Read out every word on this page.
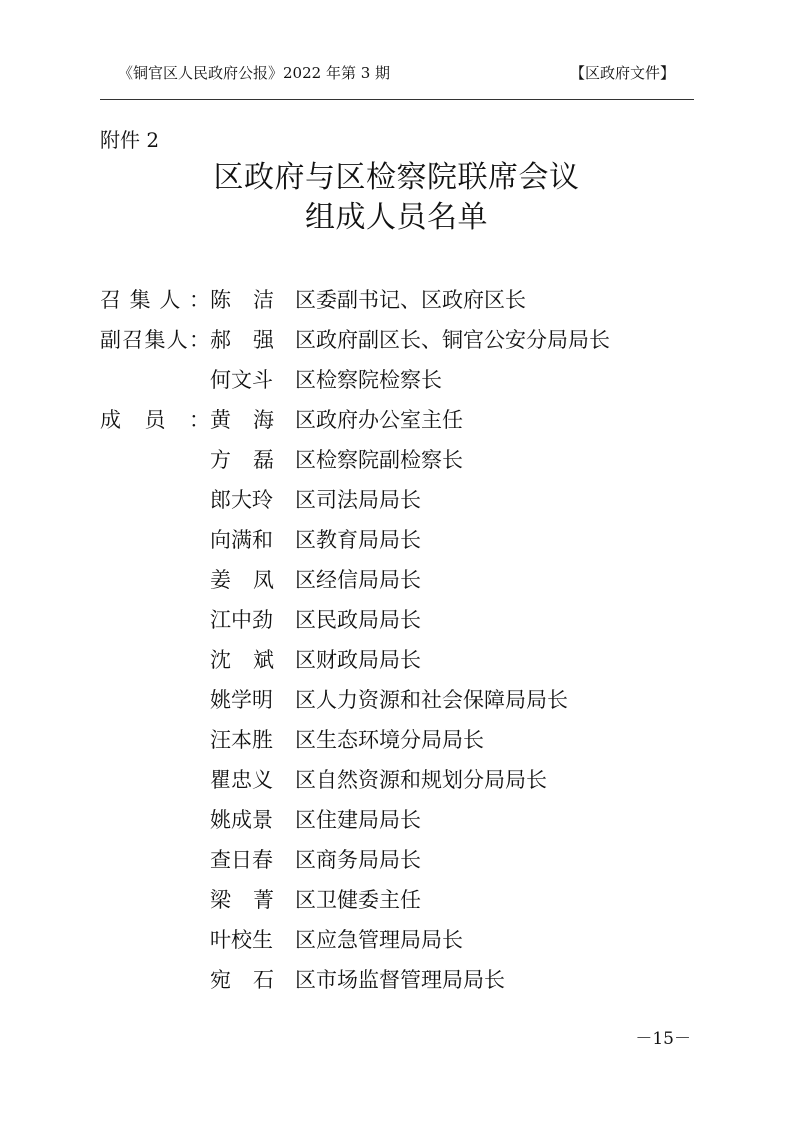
《铜官区人民政府公报》2022 年第 3 期	【区政府文件】
附件 2
区政府与区检察院联席会议
组成人员名单
召 集 人 ： 陈 洁 区委副书记、区政府区长
副 召 集 人 ： 郝 强 区政府副区长、铜官公安分局局长
何 文 斗 区检察院检察长
成 员 ： 黄 海 区政府办公室主任
方 磊 区检察院副检察长
郎 大 玲 区司法局局长
向 满 和 区教育局局长
姜 凤 区经信局局长
江 中 劲 区民政局局长
沈 斌 区财政局局长
姚 学 明 区人力资源和社会保障局局长
汪 本 胜 区生态环境分局局长
瞿 忠 义 区自然资源和规划分局局长
姚 成 景 区住建局局长
查 日 春 区商务局局长
梁 菁 区卫健委主任
叶 校 生 区应急管理局局长
宛 石 区市场监督管理局局长
－15－
